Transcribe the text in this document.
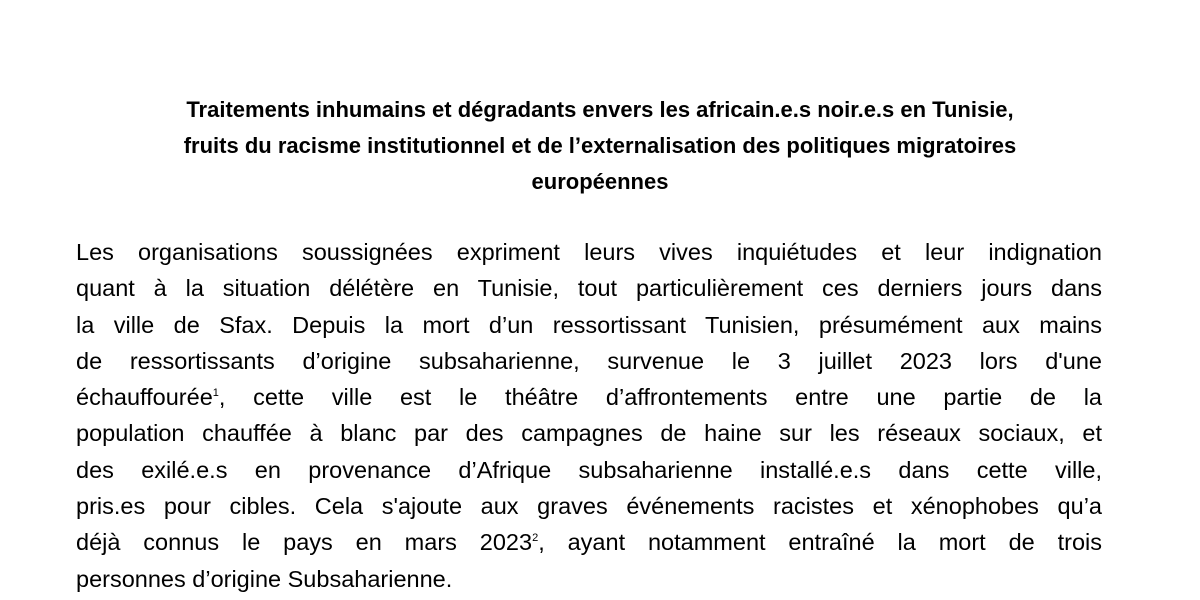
Traitements inhumains et dégradants envers les africain.e.s noir.e.s en Tunisie,
fruits du racisme institutionnel et de l’externalisation des politiques migratoires
européennes
Les organisations soussignées expriment leurs vives inquiétudes et leur indignation
quant à la situation délétère en Tunisie, tout particulièrement ces derniers jours dans
la ville de Sfax. Depuis la mort d’un ressortissant Tunisien, présumément aux mains
de ressortissants d’origine subsaharienne, survenue le 3 juillet 2023 lors d'une
échauffourée$^1$, cette ville est le théâtre d’affrontements entre une partie de la
population chauffée à blanc par des campagnes de haine sur les réseaux sociaux, et
des exilé.e.s en provenance d’Afrique subsaharienne installé.e.s dans cette ville,
pris.es pour cibles. Cela s'ajoute aux graves événements racistes et xénophobes qu’a
déjà connus le pays en mars 2023$^2$, ayant notamment entraîné la mort de trois
personnes d’origine Subsaharienne.
